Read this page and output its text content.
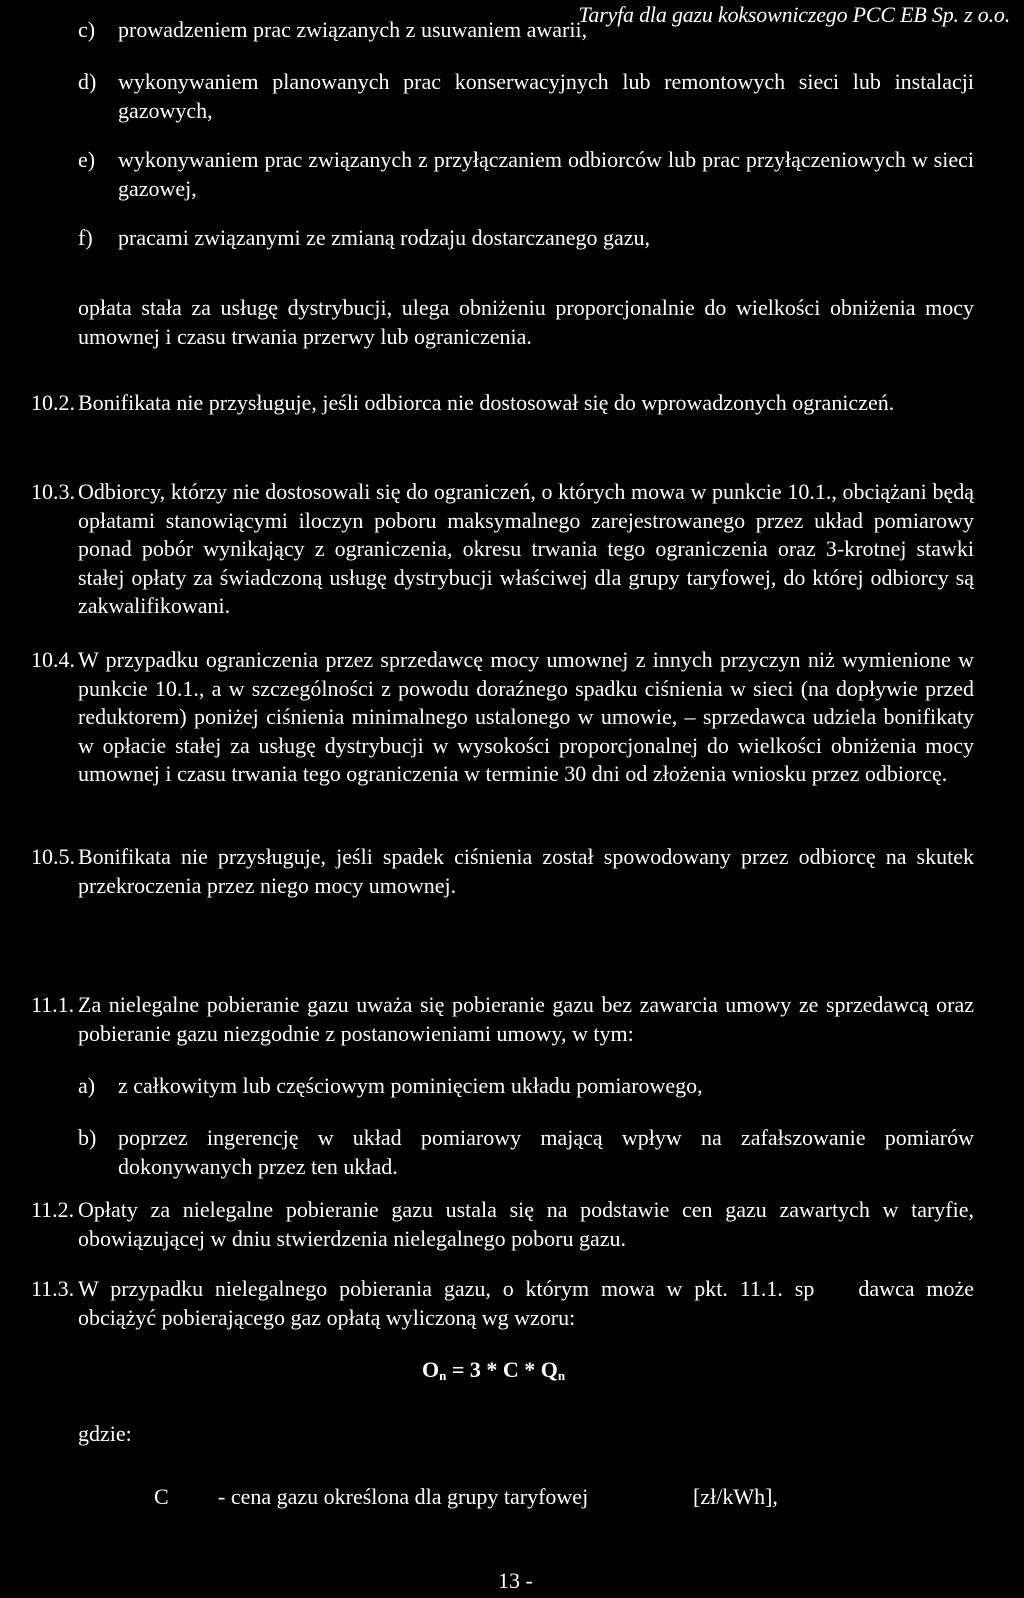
Taryfa dla gazu koksowniczego PCC EB Sp. z o.o.
c) prowadzeniem prac związanych z usuwaniem awarii,
d) wykonywaniem planowanych prac konserwacyjnych lub remontowych sieci lub instalacji gazowych,
e) wykonywaniem prac związanych z przyłączaniem odbiorców lub prac przyłączeniowych w sieci gazowej,
f) pracami związanymi ze zmianą rodzaju dostarczanego gazu,
opłata stała za usługę dystrybucji, ulega obniżeniu proporcjonalnie do wielkości obniżenia mocy umownej i czasu trwania przerwy lub ograniczenia.
10.2. Bonifikata nie przysługuje, jeśli odbiorca nie dostosował się do wprowadzonych ograniczeń.
10.3. Odbiorcy, którzy nie dostosowali się do ograniczeń, o których mowa w punkcie 10.1., obciążani będą opłatami stanowiącymi iloczyn poboru maksymalnego zarejestrowanego przez układ pomiarowy ponad pobór wynikający z ograniczenia, okresu trwania tego ograniczenia oraz 3-krotnej stawki stałej opłaty za świadczoną usługę dystrybucji właściwej dla grupy taryfowej, do której odbiorcy są zakwalifikowani.
10.4. W przypadku ograniczenia przez sprzedawcę mocy umownej z innych przyczyn niż wymienione w punkcie 10.1., a w szczególności z powodu doraźnego spadku ciśnienia w sieci (na dopływie przed reduktorem) poniżej ciśnienia minimalnego ustalonego w umowie, – sprzedawca udziela bonifikaty w opłacie stałej za usługę dystrybucji w wysokości proporcjonalnej do wielkości obniżenia mocy umownej i czasu trwania tego ograniczenia w terminie 30 dni od złożenia wniosku przez odbiorcę.
10.5. Bonifikata nie przysługuje, jeśli spadek ciśnienia został spowodowany przez odbiorcę na skutek przekroczenia przez niego mocy umownej.
11.1. Za nielegalne pobieranie gazu uważa się pobieranie gazu bez zawarcia umowy ze sprzedawcą oraz pobieranie gazu niezgodnie z postanowieniami umowy, w tym:
a) z całkowitym lub częściowym pominięciem układu pomiarowego,
b) poprzez ingerencję w układ pomiarowy mającą wpływ na zafałszowanie pomiarów dokonywanych przez ten układ.
11.2. Opłaty za nielegalne pobieranie gazu ustala się na podstawie cen gazu zawartych w taryfie, obowiązującej w dniu stwierdzenia nielegalnego poboru gazu.
11.3. W przypadku nielegalnego pobierania gazu, o którym mowa w pkt. 11.1. sp  dawca może obciążyć pobierającego gaz opłatą wyliczoną wg wzoru:
$O_n = 3 * C * Q_n$
gdzie:
C - cena gazu określona dla grupy taryfowej	[zł/kWh],
13 -
